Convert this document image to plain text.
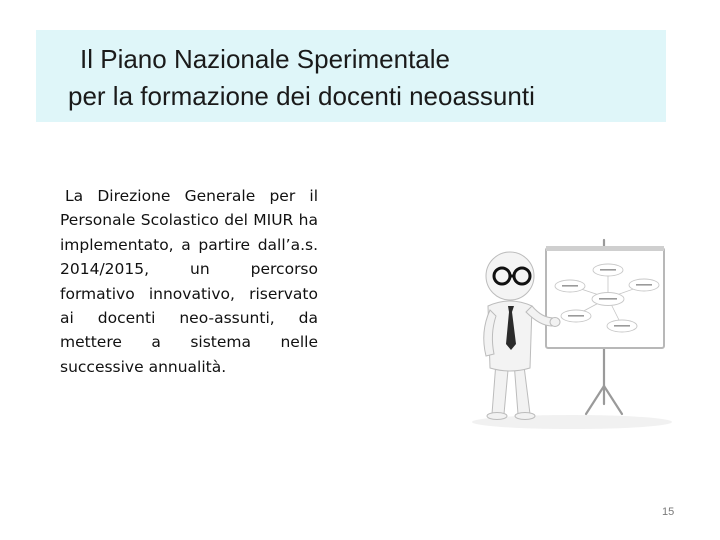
Il Piano Nazionale Sperimentale
per la formazione dei docenti neoassunti

La Direzione Generale per il Personale Scolastico del MIUR ha implementato, a partire dall’a.s. 2014/2015, un percorso formativo innovativo, riservato ai docenti neo-assunti, da mettere a sistema nelle successive annualità.

15
